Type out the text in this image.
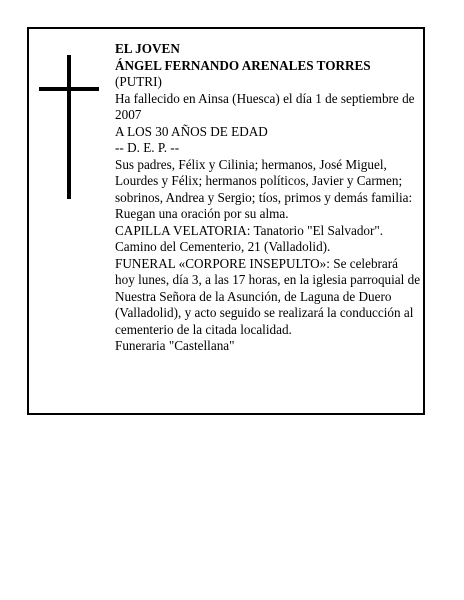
EL JOVEN
ÁNGEL FERNANDO ARENALES TORRES
(PUTRI)
Ha fallecido en Ainsa (Huesca) el día 1 de septiembre de 2007
A LOS 30 AÑOS DE EDAD
-- D. E. P. --
Sus padres, Félix y Cilinia; hermanos, José Miguel, Lourdes y Félix; hermanos políticos, Javier y Carmen; sobrinos, Andrea y Sergio; tíos, primos y demás familia:
Ruegan una oración por su alma.
CAPILLA VELATORIA: Tanatorio "El Salvador". Camino del Cementerio, 21 (Valladolid).
FUNERAL «CORPORE INSEPULTO»: Se celebrará hoy lunes, día 3, a las 17 horas, en la iglesia parroquial de Nuestra Señora de la Asunción, de Laguna de Duero (Valladolid), y acto seguido se realizará la conducción al cementerio de la citada localidad.
Funeraria "Castellana"
